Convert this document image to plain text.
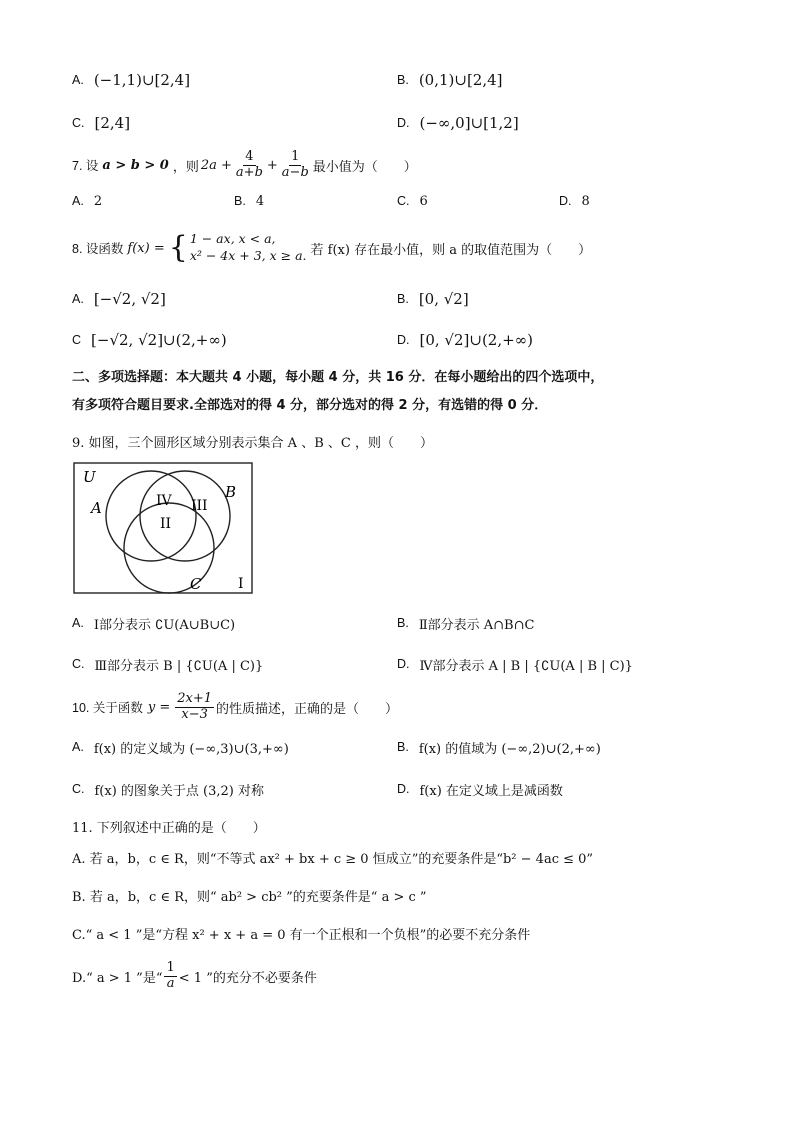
A. (−1,1)∪[2,4]	B. (0,1)∪[2,4]
C. [2,4]	D. (−∞,0]∪[1,2]
7. 设 a > b > 0 ，则 $2a + \frac{4}{a+b} + \frac{1}{a-b}$ 最小值为（　　）
A. 2	B. 4	C. 6	D. 8
8. 设函数 f(x) = { 1 − ax, x < a,
x² − 4x + 3, x ≥ a. 若 f(x) 存在最小值，则 a 的取值范围为（　　）
A. [−√2, √2]	B. [0, √2]
C [−√2, √2]∪(2,+∞)	D. [0, √2]∪(2,+∞)
二、多项选择题：本大题共 4 小题，每小题 4 分，共 16 分．在每小题给出的四个选项中，
有多项符合题目要求.全部选对的得 4 分，部分选对的得 2 分，有选错的得 0 分．
9. 如图，三个圆形区域分别表示集合 A 、B 、C ，则（　　）
U
A
B
C
IV III
II
I
A. Ⅰ部分表示 ∁U(A∪B∪C)	B. Ⅱ部分表示 A∩B∩C
C. Ⅲ部分表示 B | {∁U(A | C)}	D. Ⅳ部分表示 A | B | {∁U(A | B | C)}
10. 关于函数 $y = \frac{2x+1}{x-3}$ 的性质描述，正确的是（　　）
A. f(x) 的定义域为 (−∞,3)∪(3,+∞)	B. f(x) 的值域为 (−∞,2)∪(2,+∞)
C. f(x) 的图象关于点 (3,2) 对称	D. f(x) 在定义域上是减函数
11. 下列叙述中正确的是（　　）
A. 若 a，b，c ∈ R，则“不等式 ax² + bx + c ≥ 0 恒成立”的充要条件是“b² − 4ac ≤ 0”
B. 若 a，b，c ∈ R，则“ ab² > cb² ”的充要条件是“ a > c ”
C.“ a < 1 ”是“方程 x² + x + a = 0 有一个正根和一个负根”的必要不充分条件
D.“ a > 1 ”是“ $\frac{1}{a} < 1$ ”的充分不必要条件
